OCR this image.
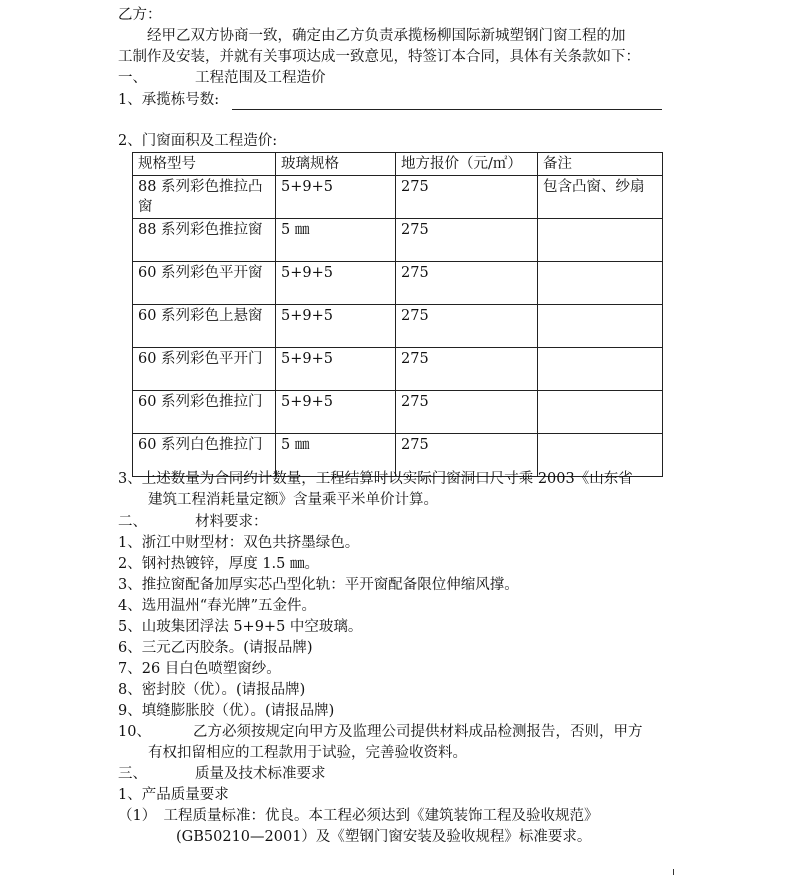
乙方：
　　经甲乙双方协商一致，确定由乙方负责承揽杨柳国际新城塑钢门窗工程的加
工制作及安装，并就有关事项达成一致意见，特签订本合同，具体有关条款如下：
一、	工程范围及工程造价
1、承揽栋号数:
2、门窗面积及工程造价:
规格型号	玻璃规格	地方报价（元/㎡）	备注
88 系列彩色推拉凸窗	5+9+5	275	包含凸窗、纱扇
88 系列彩色推拉窗	5 ㎜	275	
60 系列彩色平开窗	5+9+5	275	
60 系列彩色上悬窗	5+9+5	275	
60 系列彩色平开门	5+9+5	275	
60 系列彩色推拉门	5+9+5	275	
60 系列白色推拉门	5 ㎜	275	
3、上述数量为合同约计数量，工程结算时以实际门窗洞口尺寸乘 2003《山东省
建筑工程消耗量定额》含量乘平米单价计算。
二、	材料要求：
1、浙江中财型材：双色共挤墨绿色。
2、钢衬热镀锌，厚度 1.5 ㎜。
3、推拉窗配备加厚实芯凸型化轨：平开窗配备限位伸缩风撑。
4、选用温州“春光牌”五金件。
5、山玻集团浮法 5+9+5 中空玻璃。
6、三元乙丙胶条。(请报品牌)
7、26 目白色喷塑窗纱。
8、密封胶（优）。(请报品牌)
9、填缝膨胀胶（优）。(请报品牌)
10、	乙方必须按规定向甲方及监理公司提供材料成品检测报告，否则，甲方
有权扣留相应的工程款用于试验，完善验收资料。
三、	质量及技术标准要求
1、产品质量要求
（1）　工程质量标准：优良。本工程必须达到《建筑装饰工程及验收规范》
(GB50210—2001）及《塑钢门窗安装及验收规程》标准要求。
